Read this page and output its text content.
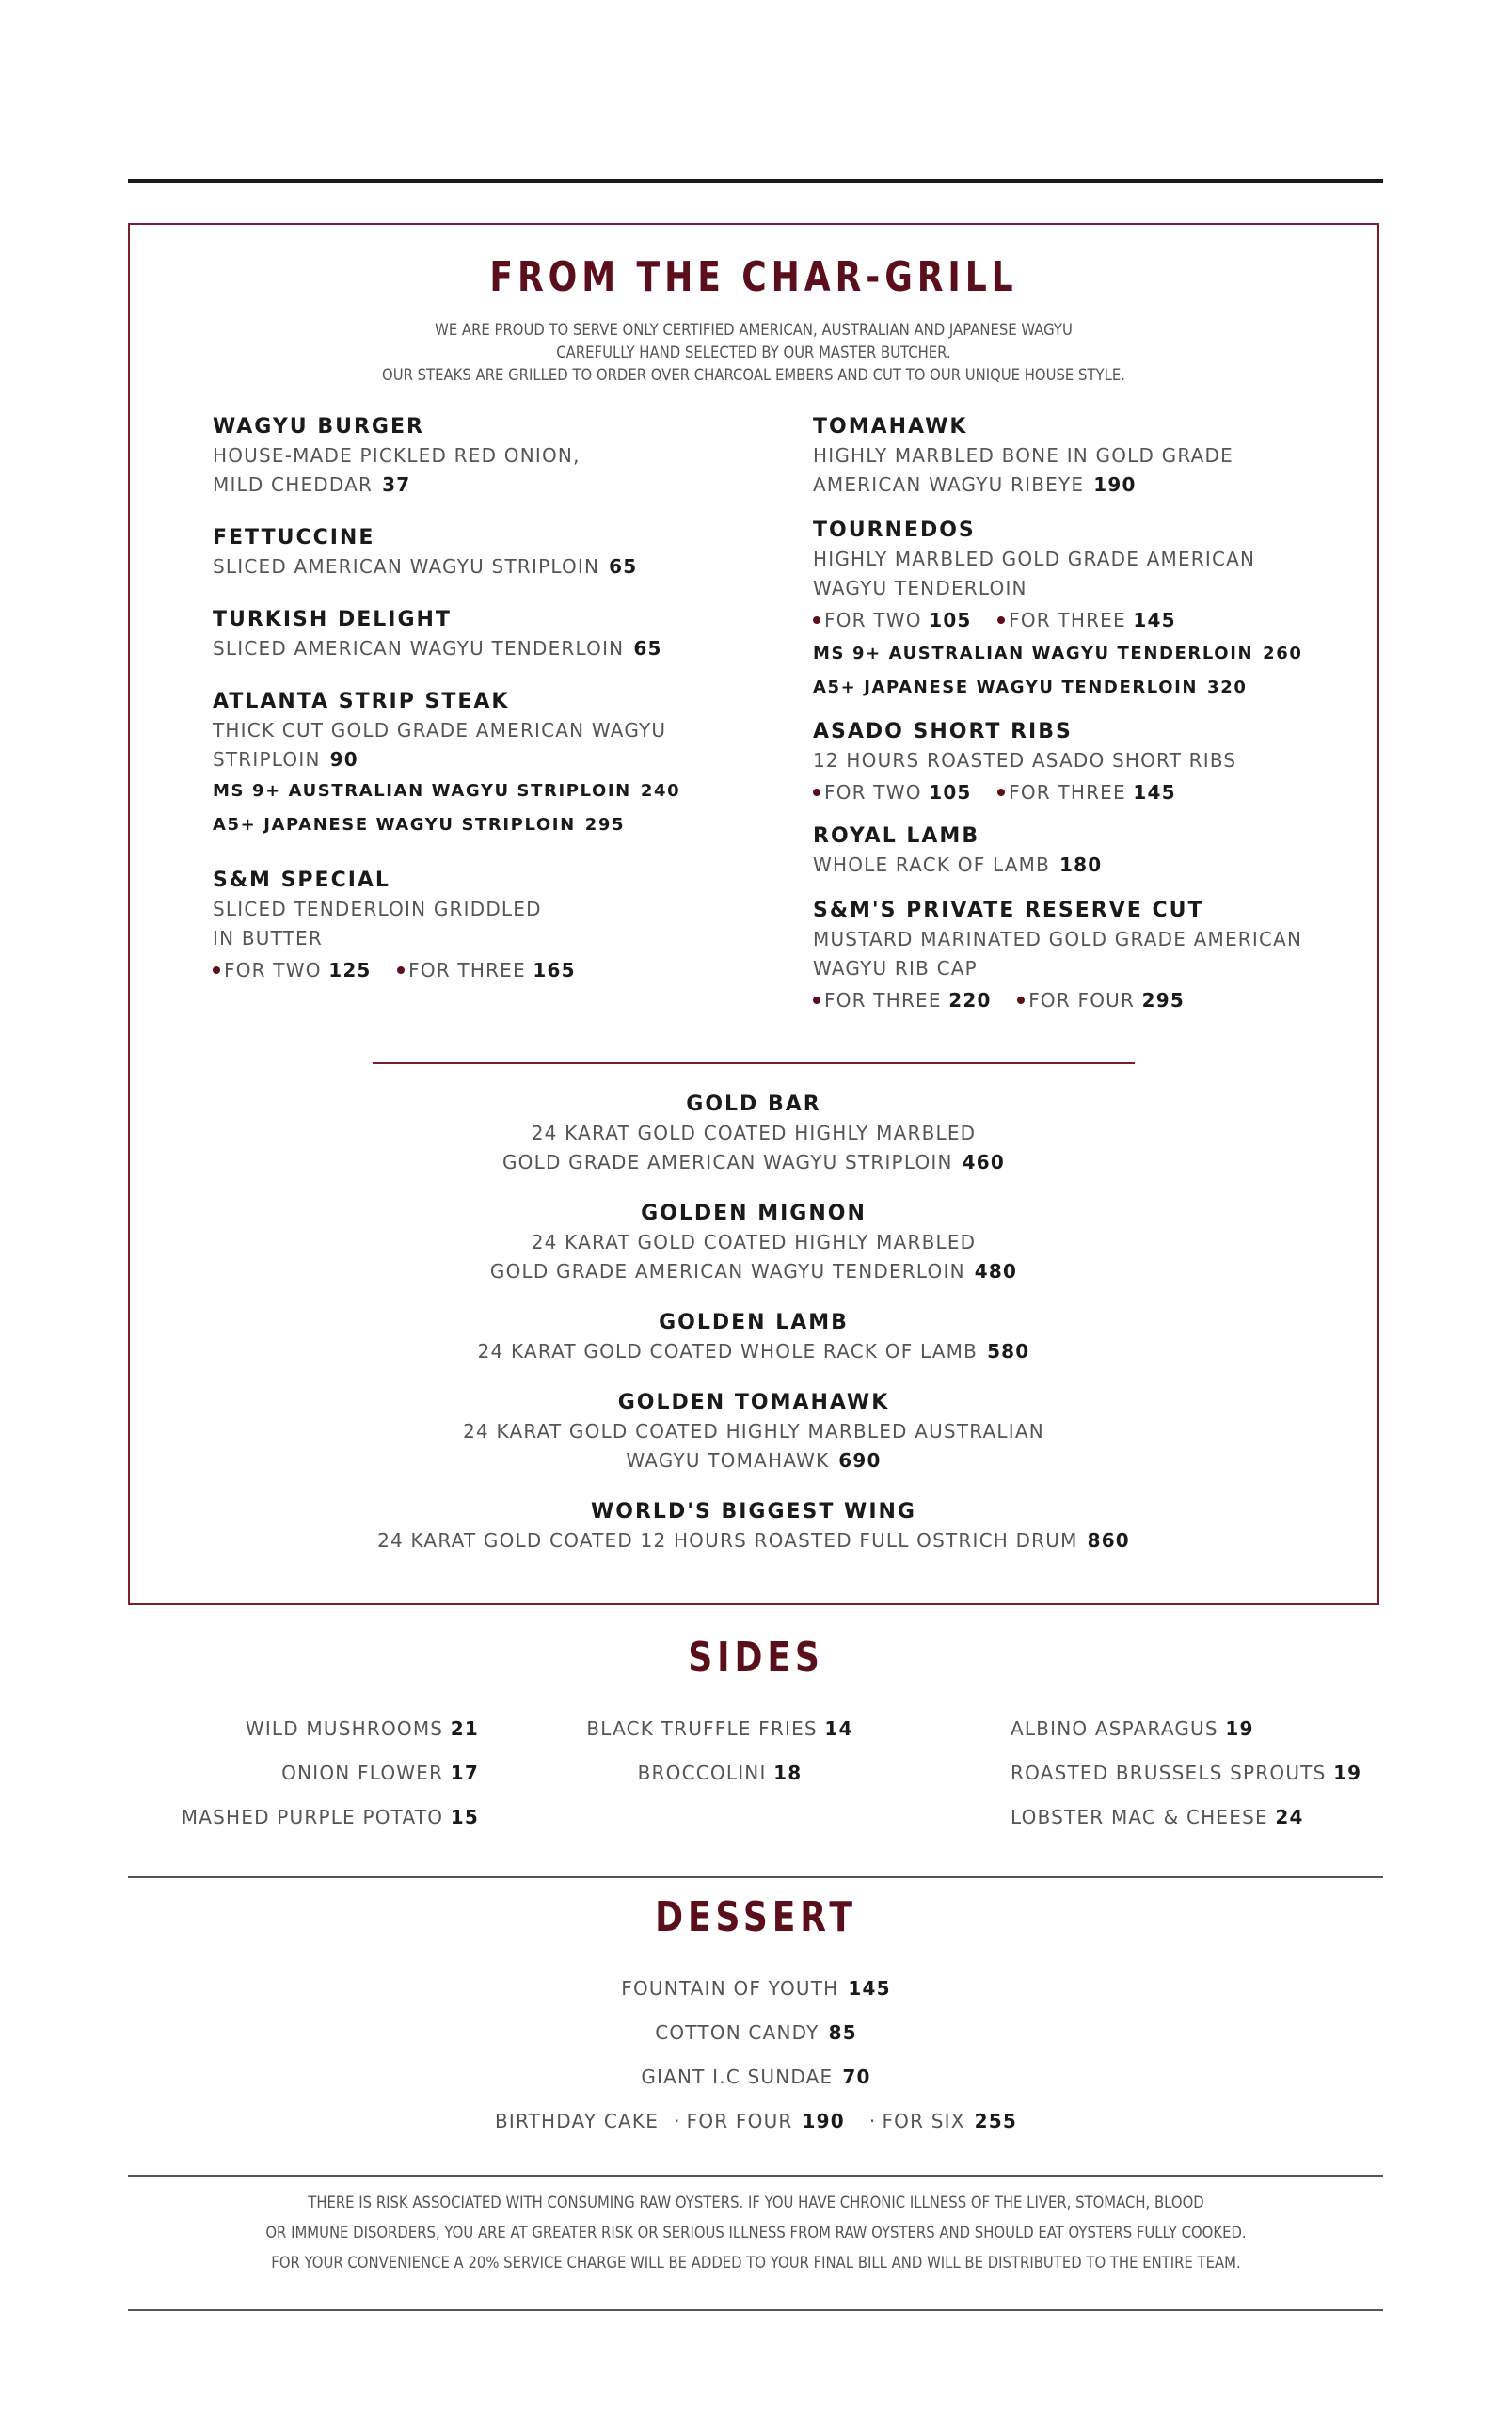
FROM THE CHAR-GRILL
WE ARE PROUD TO SERVE ONLY CERTIFIED AMERICAN, AUSTRALIAN AND JAPANESE WAGYU
CAREFULLY HAND SELECTED BY OUR MASTER BUTCHER.
OUR STEAKS ARE GRILLED TO ORDER OVER CHARCOAL EMBERS AND CUT TO OUR UNIQUE HOUSE STYLE.
WAGYU BURGER
HOUSE-MADE PICKLED RED ONION,
MILD CHEDDAR 37
FETTUCCINE
SLICED AMERICAN WAGYU STRIPLOIN 65
TURKISH DELIGHT
SLICED AMERICAN WAGYU TENDERLOIN 65
ATLANTA STRIP STEAK
THICK CUT GOLD GRADE AMERICAN WAGYU
STRIPLOIN 90
MS 9+ AUSTRALIAN WAGYU STRIPLOIN 240
A5+ JAPANESE WAGYU STRIPLOIN 295
S&M SPECIAL
SLICED TENDERLOIN GRIDDLED
IN BUTTER
FOR TWO 125 FOR THREE 165
TOMAHAWK
HIGHLY MARBLED BONE IN GOLD GRADE
AMERICAN WAGYU RIBEYE 190
TOURNEDOS
HIGHLY MARBLED GOLD GRADE AMERICAN
WAGYU TENDERLOIN
FOR TWO 105 FOR THREE 145
MS 9+ AUSTRALIAN WAGYU TENDERLOIN 260
A5+ JAPANESE WAGYU TENDERLOIN 320
ASADO SHORT RIBS
12 HOURS ROASTED ASADO SHORT RIBS
FOR TWO 105 FOR THREE 145
ROYAL LAMB
WHOLE RACK OF LAMB 180
S&M'S PRIVATE RESERVE CUT
MUSTARD MARINATED GOLD GRADE AMERICAN
WAGYU RIB CAP
FOR THREE 220 FOR FOUR 295
GOLD BAR
24 KARAT GOLD COATED HIGHLY MARBLED
GOLD GRADE AMERICAN WAGYU STRIPLOIN 460
GOLDEN MIGNON
24 KARAT GOLD COATED HIGHLY MARBLED
GOLD GRADE AMERICAN WAGYU TENDERLOIN 480
GOLDEN LAMB
24 KARAT GOLD COATED WHOLE RACK OF LAMB 580
GOLDEN TOMAHAWK
24 KARAT GOLD COATED HIGHLY MARBLED AUSTRALIAN
WAGYU TOMAHAWK 690
WORLD'S BIGGEST WING
24 KARAT GOLD COATED 12 HOURS ROASTED FULL OSTRICH DRUM 860
SIDES
WILD MUSHROOMS 21
ONION FLOWER 17
MASHED PURPLE POTATO 15
BLACK TRUFFLE FRIES 14
BROCCOLINI 18
ALBINO ASPARAGUS 19
ROASTED BRUSSELS SPROUTS 19
LOBSTER MAC & CHEESE 24
DESSERT
FOUNTAIN OF YOUTH 145
COTTON CANDY 85
GIANT I.C SUNDAE 70
BIRTHDAY CAKE · FOR FOUR 190 · FOR SIX 255
THERE IS RISK ASSOCIATED WITH CONSUMING RAW OYSTERS. IF YOU HAVE CHRONIC ILLNESS OF THE LIVER, STOMACH, BLOOD
OR IMMUNE DISORDERS, YOU ARE AT GREATER RISK OR SERIOUS ILLNESS FROM RAW OYSTERS AND SHOULD EAT OYSTERS FULLY COOKED.
FOR YOUR CONVENIENCE A 20% SERVICE CHARGE WILL BE ADDED TO YOUR FINAL BILL AND WILL BE DISTRIBUTED TO THE ENTIRE TEAM.
